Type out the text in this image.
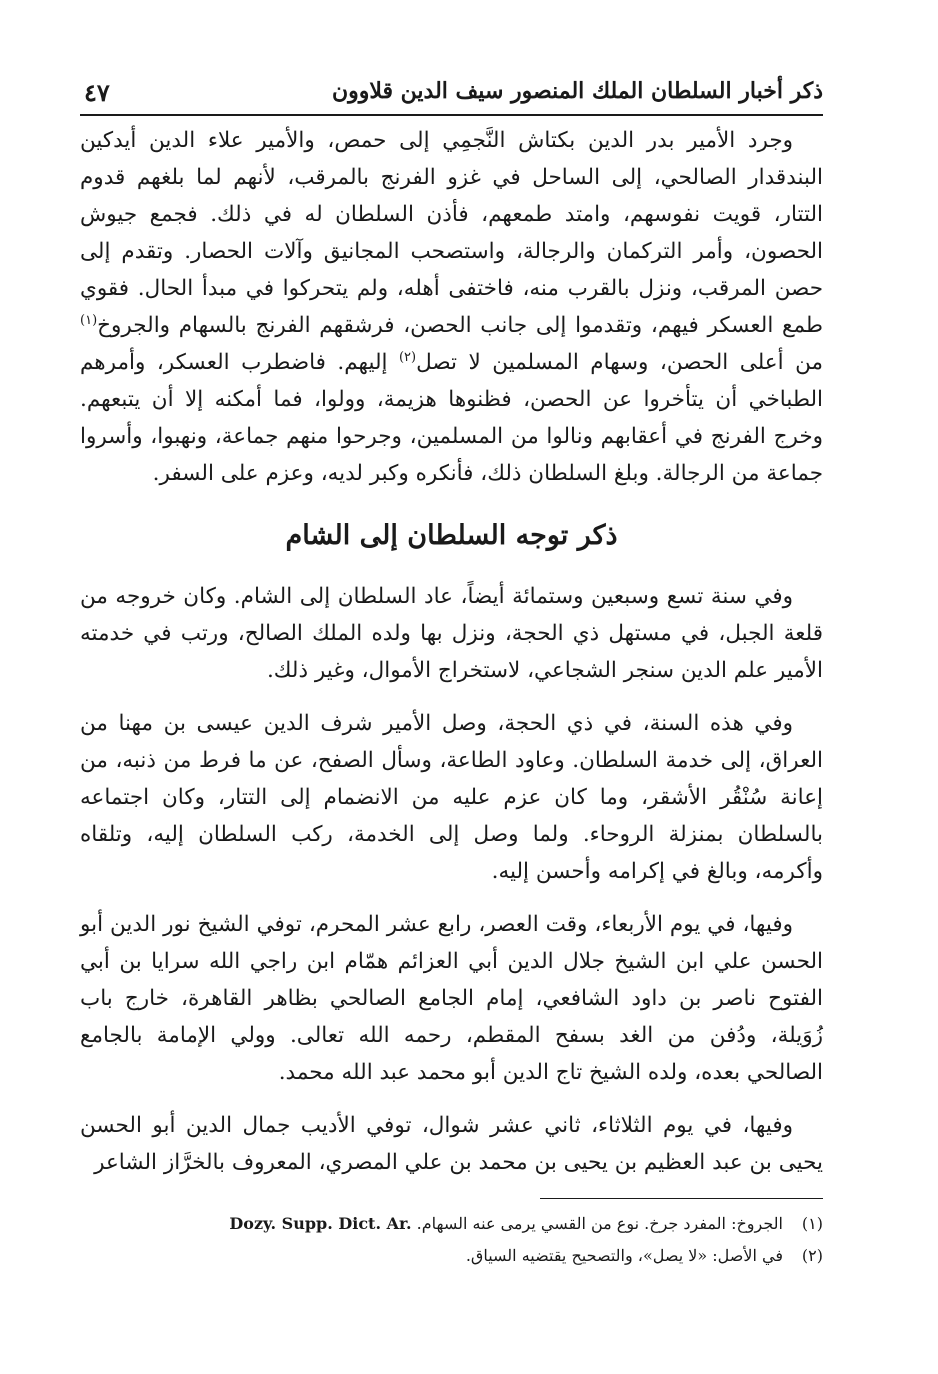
ذكر أخبار السلطان الملك المنصور سيف الدين قلاوون
٤٧

وجرد الأمير بدر الدين بكتاش النَّجمِي إلى حمص، والأمير علاء الدين أيدكين البندقدار الصالحي، إلى الساحل في غزو الفرنج بالمرقب، لأنهم لما بلغهم قدوم التتار، قويت نفوسهم، وامتد طمعهم، فأذن السلطان له في ذلك. فجمع جيوش الحصون، وأمر التركمان والرجالة، واستصحب المجانيق وآلات الحصار. وتقدم إلى حصن المرقب، ونزل بالقرب منه، فاختفى أهله، ولم يتحركوا في مبدأ الحال. فقوي طمع العسكر فيهم، وتقدموا إلى جانب الحصن، فرشقهم الفرنج بالسهام والجروخ$^{(١)}$ من أعلى الحصن، وسهام المسلمين لا تصل$^{(٢)}$ إليهم. فاضطرب العسكر، وأمرهم الطباخي أن يتأخروا عن الحصن، فظنوها هزيمة، وولوا، فما أمكنه إلا أن يتبعهم. وخرج الفرنج في أعقابهم ونالوا من المسلمين، وجرحوا منهم جماعة، ونهبوا، وأسروا جماعة من الرجالة. وبلغ السلطان ذلك، فأنكره وكبر لديه، وعزم على السفر.

ذكر توجه السلطان إلى الشام

وفي سنة تسع وسبعين وستمائة أيضاً، عاد السلطان إلى الشام. وكان خروجه من قلعة الجبل، في مستهل ذي الحجة، ونزل بها ولده الملك الصالح، ورتب في خدمته الأمير علم الدين سنجر الشجاعي، لاستخراج الأموال، وغير ذلك.

وفي هذه السنة، في ذي الحجة، وصل الأمير شرف الدين عيسى بن مهنا من العراق، إلى خدمة السلطان. وعاود الطاعة، وسأل الصفح، عن ما فرط من ذنبه، من إعانة سُنْقُر الأشقر، وما كان عزم عليه من الانضمام إلى التتار، وكان اجتماعه بالسلطان بمنزلة الروحاء. ولما وصل إلى الخدمة، ركب السلطان إليه، وتلقاه وأكرمه، وبالغ في إكرامه وأحسن إليه.

وفيها، في يوم الأربعاء، وقت العصر، رابع عشر المحرم، توفي الشيخ نور الدين أبو الحسن علي ابن الشيخ جلال الدين أبي العزائم همّام ابن راجي الله سرايا بن أبي الفتوح ناصر بن داود الشافعي، إمام الجامع الصالحي بظاهر القاهرة، خارج باب زُوَيلة، ودُفن من الغد بسفح المقطم، رحمه الله تعالى. وولي الإمامة بالجامع الصالحي بعده، ولده الشيخ تاج الدين أبو محمد عبد الله محمد.

وفيها، في يوم الثلاثاء، ثاني عشر شوال، توفي الأديب جمال الدين أبو الحسن يحيى بن عبد العظيم بن يحيى بن محمد بن علي المصري، المعروف بالخرَّاز الشاعر

(١)
الجروخ: المفرد جرخ. نوع من القسي يرمى عنه السهام. Dozy. Supp. Dict. Ar.
(٢)
في الأصل: «لا يصل»، والتصحيح يقتضيه السياق.
